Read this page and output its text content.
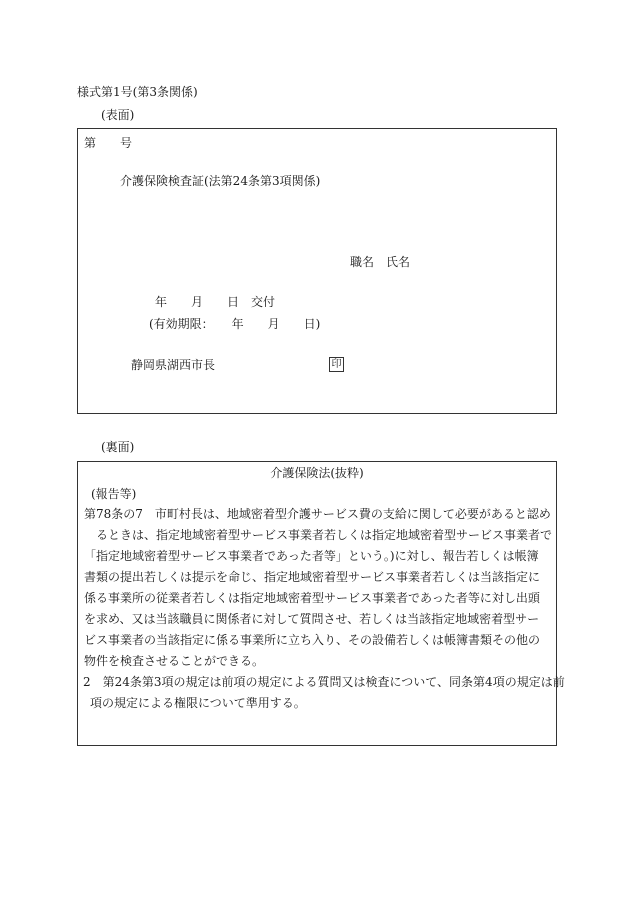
様式第1号(第3条関係)
(表面)
第　　号
介護保険検査証(法第24条第3項関係)
職名　氏名
年　　月　　日　交付
(有効期限：　　年　　月　　日)
静岡県湖西市長	印
(裏面)
介護保険法(抜粋)
(報告等)
第78条の7　市町村長は、地域密着型介護サービス費の支給に関して必要があると認め
るときは、指定地域密着型サービス事業者若しくは指定地域密着型サービス事業者で
「指定地域密着型サービス事業者であった者等」という。)に対し、報告若しくは帳簿
書類の提出若しくは提示を命じ、指定地域密着型サービス事業者若しくは当該指定に
係る事業所の従業者若しくは指定地域密着型サービス事業者であった者等に対し出頭
を求め、又は当該職員に関係者に対して質問させ、若しくは当該指定地域密着型サー
ビス事業者の当該指定に係る事業所に立ち入り、その設備若しくは帳簿書類その他の
物件を検査させることができる。
2　第24条第3項の規定は前項の規定による質問又は検査について、同条第4項の規定は前
項の規定による権限について準用する。
